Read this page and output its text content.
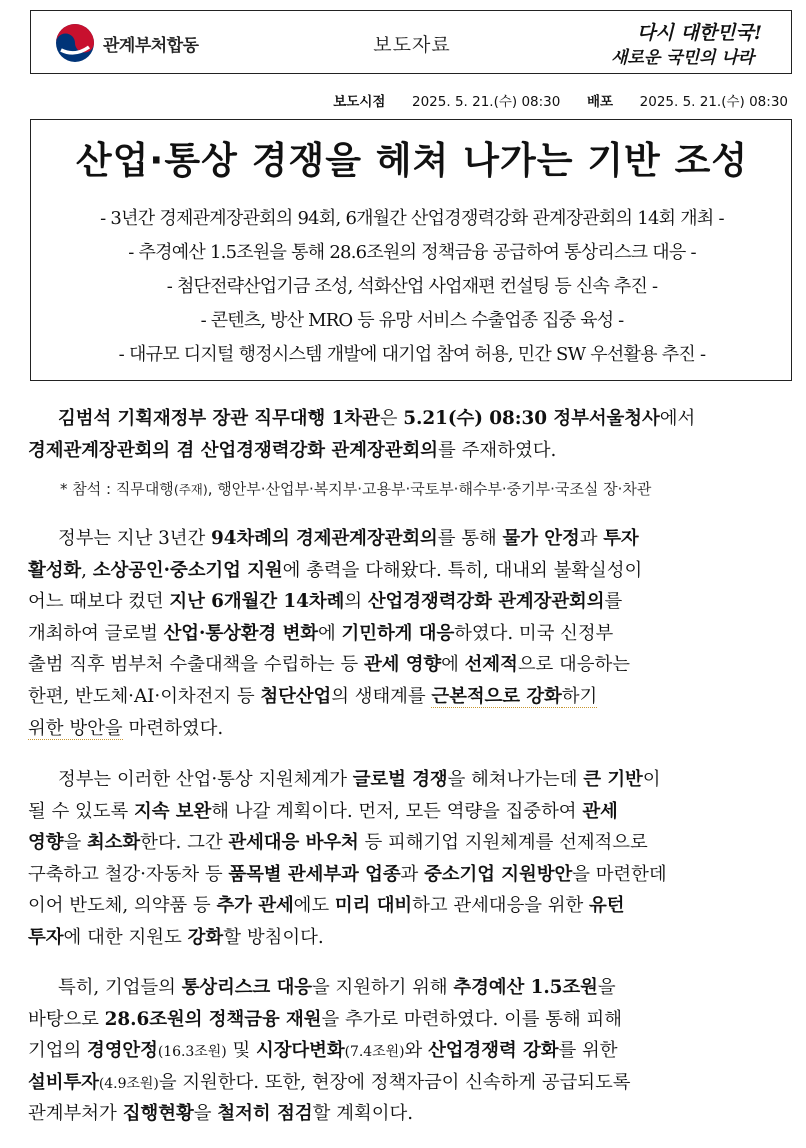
관계부처합동	보도자료
다시 대한민국!
새로운 국민의 나라
보도시점 2025. 5. 21.(수) 08:30 배포 2025. 5. 21.(수) 08:30
산업·통상 경쟁을 헤쳐 나가는 기반 조성
- 3년간 경제관계장관회의 94회, 6개월간 산업경쟁력강화 관계장관회의 14회 개최 -
- 추경예산 1.5조원을 통해 28.6조원의 정책금융 공급하여 통상리스크 대응 -
- 첨단전략산업기금 조성, 석화산업 사업재편 컨설팅 등 신속 추진 -
- 콘텐츠, 방산 MRO 등 유망 서비스 수출업종 집중 육성 -
- 대규모 디지털 행정시스템 개발에 대기업 참여 허용, 민간 SW 우선활용 추진 -
김범석 기획재정부 장관 직무대행 1차관은 5.21(수) 08:30 정부서울청사에서
경제관계장관회의 겸 산업경쟁력강화 관계장관회의를 주재하였다.
* 참석 : 직무대행(주재), 행안부·산업부·복지부·고용부·국토부·해수부·중기부·국조실 장·차관
정부는 지난 3년간 94차례의 경제관계장관회의를 통해 물가 안정과 투자
활성화, 소상공인·중소기업 지원에 총력을 다해왔다. 특히, 대내외 불확실성이
어느 때보다 컸던 지난 6개월간 14차례의 산업경쟁력강화 관계장관회의를
개최하여 글로벌 산업·통상환경 변화에 기민하게 대응하였다. 미국 신정부
출범 직후 범부처 수출대책을 수립하는 등 관세 영향에 선제적으로 대응하는
한편, 반도체·AI·이차전지 등 첨단산업의 생태계를 근본적으로 강화하기
위한 방안을 마련하였다.
정부는 이러한 산업·통상 지원체계가 글로벌 경쟁을 헤쳐나가는데 큰 기반이
될 수 있도록 지속 보완해 나갈 계획이다. 먼저, 모든 역량을 집중하여 관세
영향을 최소화한다. 그간 관세대응 바우처 등 피해기업 지원체계를 선제적으로
구축하고 철강·자동차 등 품목별 관세부과 업종과 중소기업 지원방안을 마련한데
이어 반도체, 의약품 등 추가 관세에도 미리 대비하고 관세대응을 위한 유턴
투자에 대한 지원도 강화할 방침이다.
특히, 기업들의 통상리스크 대응을 지원하기 위해 추경예산 1.5조원을
바탕으로 28.6조원의 정책금융 재원을 추가로 마련하였다. 이를 통해 피해
기업의 경영안정(16.3조원) 및 시장다변화(7.4조원)와 산업경쟁력 강화를 위한
설비투자(4.9조원)을 지원한다. 또한, 현장에 정책자금이 신속하게 공급되도록
관계부처가 집행현황을 철저히 점검할 계획이다.
